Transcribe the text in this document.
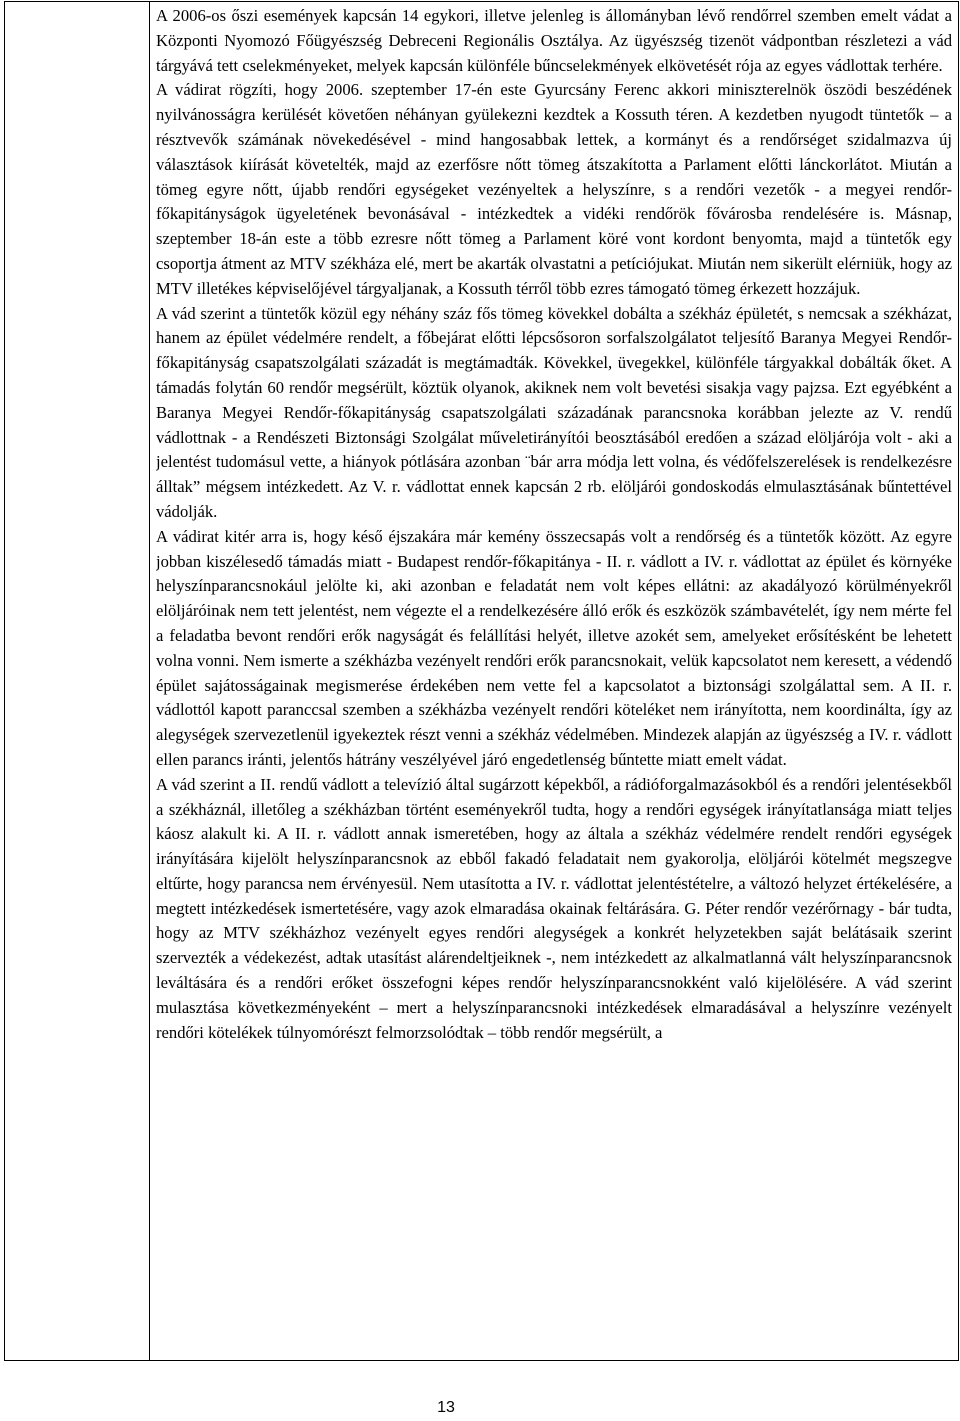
A 2006-os őszi események kapcsán 14 egykori, illetve jelenleg is állományban lévő rendőrrel szemben emelt vádat a Központi Nyomozó Főügyészség Debreceni Regionális Osztálya. Az ügyészség tizenöt vádpontban részletezi a vád tárgyává tett cselekményeket, melyek kapcsán különféle bűncselekmények elkövetését rója az egyes vádlottak terhére.

A vádirat rögzíti, hogy 2006. szeptember 17-én este Gyurcsány Ferenc akkori miniszterelnök öszödi beszédének nyilvánosságra kerülését követően néhányan gyülekezni kezdtek a Kossuth téren. A kezdetben nyugodt tüntetők – a résztvevők számának növekedésével - mind hangosabbak lettek, a kormányt és a rendőrséget szidalmazva új választások kiírását követelték, majd az ezerfősre nőtt tömeg átszakította a Parlament előtti lánckorlátot. Miután a tömeg egyre nőtt, újabb rendőri egységeket vezényeltek a helyszínre, s a rendőri vezetők - a megyei rendőr-főkapitányságok ügyeletének bevonásával - intézkedtek a vidéki rendőrök fővárosba rendelésére is. Másnap, szeptember 18-án este a több ezresre nőtt tömeg a Parlament köré vont kordont benyomta, majd a tüntetők egy csoportja átment az MTV székháza elé, mert be akarták olvastatni a petíciójukat. Miután nem sikerült elérniük, hogy az MTV illetékes képviselőjével tárgyaljanak, a Kossuth térről több ezres támogató tömeg érkezett hozzájuk.

A vád szerint a tüntetők közül egy néhány száz fős tömeg kövekkel dobálta a székház épületét, s nemcsak a székházat, hanem az épület védelmére rendelt, a főbejárat előtti lépcsősoron sorfalszolgálatot teljesítő Baranya Megyei Rendőr-főkapitányság csapatszolgálati századát is megtámadták. Kövekkel, üvegekkel, különféle tárgyakkal dobálták őket. A támadás folytán 60 rendőr megsérült, köztük olyanok, akiknek nem volt bevetési sisakja vagy pajzsa. Ezt egyébként a Baranya Megyei Rendőr-főkapitányság csapatszolgálati századának parancsnoka korábban jelezte az V. rendű vádlottnak - a Rendészeti Biztonsági Szolgálat műveletirányítói beosztásából eredően a század elöljárója volt - aki a jelentést tudomásul vette, a hiányok pótlására azonban ¨bár arra módja lett volna, és védőfelszerelések is rendelkezésre álltak” mégsem intézkedett. Az V. r. vádlottat ennek kapcsán 2 rb. elöljárói gondoskodás elmulasztásának bűntettével vádolják.

A vádirat kitér arra is, hogy késő éjszakára már kemény összecsapás volt a rendőrség és a tüntetők között. Az egyre jobban kiszélesedő támadás miatt - Budapest rendőr-főkapitánya - II. r. vádlott a IV. r. vádlottat az épület és környéke helyszínparancsnokául jelölte ki, aki azonban e feladatát nem volt képes ellátni: az akadályozó körülményekről elöljáróinak nem tett jelentést, nem végezte el a rendelkezésére álló erők és eszközök számbavételét, így nem mérte fel a feladatba bevont rendőri erők nagyságát és felállítási helyét, illetve azokét sem, amelyeket erősítésként be lehetett volna vonni. Nem ismerte a székházba vezényelt rendőri erők parancsnokait, velük kapcsolatot nem keresett, a védendő épület sajátosságainak megismerése érdekében nem vette fel a kapcsolatot a biztonsági szolgálattal sem. A II. r. vádlottól kapott paranccsal szemben a székházba vezényelt rendőri köteléket nem irányította, nem koordinálta, így az alegységek szervezetlenül igyekeztek részt venni a székház védelmében. Mindezek alapján az ügyészség a IV. r. vádlott ellen parancs iránti, jelentős hátrány veszélyével járó engedetlenség bűntette miatt emelt vádat.

A vád szerint a II. rendű vádlott a televízió által sugárzott képekből, a rádióforgalmazásokból és a rendőri jelentésekből a székháznál, illetőleg a székházban történt eseményekről tudta, hogy a rendőri egységek irányítatlansága miatt teljes káosz alakult ki. A II. r. vádlott annak ismeretében, hogy az általa a székház védelmére rendelt rendőri egységek irányítására kijelölt helyszínparancsnok az ebből fakadó feladatait nem gyakorolja, elöljárói kötelmét megszegve eltűrte, hogy parancsa nem érvényesül. Nem utasította a IV. r. vádlottat jelentéstételre, a változó helyzet értékelésére, a megtett intézkedések ismertetésére, vagy azok elmaradása okainak feltárására. G. Péter rendőr vezérőrnagy - bár tudta, hogy az MTV székházhoz vezényelt egyes rendőri alegységek a konkrét helyzetekben saját belátásaik szerint szervezték a védekezést, adtak utasítást alárendeltjeiknek -, nem intézkedett az alkalmatlanná vált helyszínparancsnok leváltására és a rendőri erőket összefogni képes rendőr helyszínparancsnokként való kijelölésére. A vád szerint mulasztása következményeként – mert a helyszínparancsnoki intézkedések elmaradásával a helyszínre vezényelt rendőri kötelékek túlnyomórészt felmorzsolódtak – több rendőr megsérült, a

13
